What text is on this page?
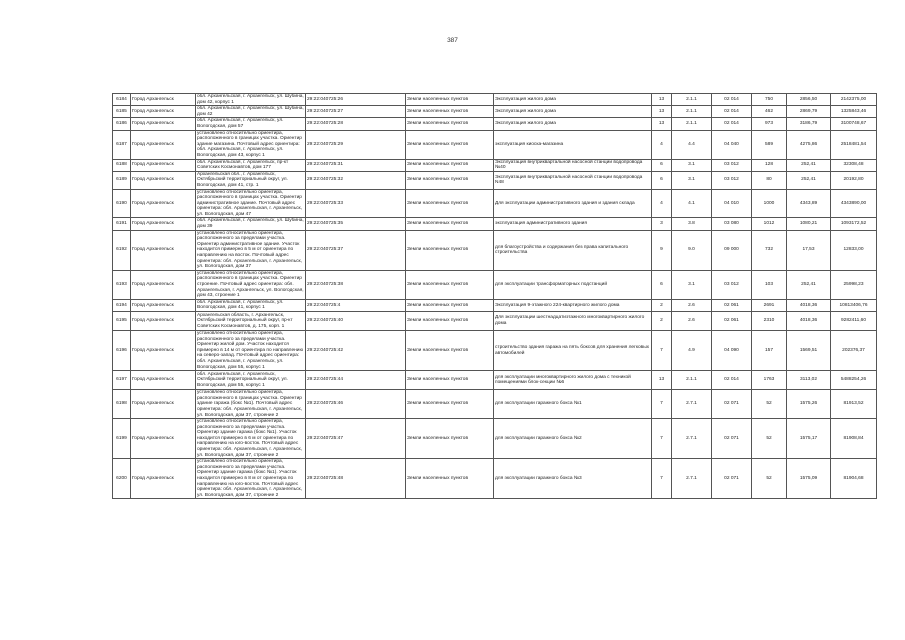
387
6184	Город Архангельск	обл. Архангельская, г. Архангельск, ул. Шубина, дом 42, корпус 1	29:22:040725:26	Земли населенных пунктов	Эксплуатация жилого дома	13	2.1.1	02 014	750	2856,50	2142375,00
6185	Город Архангельск	обл. Архангельская, г. Архангельск, ул. Шубина, дом 42	29:22:040725:27	Земли населенных пунктов	Эксплуатация жилого дома	13	2.1.1	02 014	462	2869,79	1325843,46
6186	Город Архангельск	обл. Архангельская, г. Архангельск, ул. Вологодская, дом 57	29:22:040725:28	Земли населенных пунктов	Эксплуатация жилого дома	13	2.1.1	02 014	973	3186,79	3100748,67
6187	Город Архангельск	установлено относительно ориентира, расположенного в границах участка. Ориентир здание магазина. Почтовый адрес ориентира: обл. Архангельская, г. Архангельск, ул. Вологодская, дом 43, корпус 1	29:22:040725:29	Земли населенных пунктов	эксплуатация киоска-магазина	4	4.4	04 040	589	4275,86	2518481,54
6188	Город Архангельск	обл. Архангельская, г. Архангельск, пр-кт Советских Космонавтов, дом 177	29:22:040725:31	Земли населенных пунктов	Эксплуатация внутриквартальной насосной станции водопровода №40	6	3.1	03 012	128	252,41	32308,48
6189	Город Архангельск	Архангельская обл., г. Архангельск, Октябрьский территориальный округ, ул. Вологодская, дом 41, стр. 1	29:22:040725:32	Земли населенных пунктов	Эксплуатация внутриквартальной насосной станции водопровода N48	6	3.1	03 012	80	252,41	20192,80
6190	Город Архангельск	установлено относительно ориентира, расположенного в границах участка. Ориентир административное здание. Почтовый адрес ориентира: обл. Архангельская, г. Архангельск, ул. Вологодская, дом 47	29:22:040725:33	Земли населенных пунктов	Для эксплуатации административного здания и здания склада	4	4.1	04 010	1000	4343,89	4343890,00
6191	Город Архангельск	обл. Архангельская, г. Архангельск, ул. Шубина, дом 39	29:22:040725:35	Земли населенных пунктов	эксплуатация административного здания	3	3.8	03 080	1012	1080,21	1093172,52
6192	Город Архангельск	установлено относительно ориентира, расположенного за пределами участка. Ориентир административное здание. Участок находится примерно в 5 м от ориентира по направлению на восток. Почтовый адрес ориентира: обл. Архангельская, г. Архангельск, ул. Вологодская, дом 37	29:22:040725:37	Земли населенных пунктов	для благоустройства и содержания без права капитального строительства	9	9.0	09 000	732	17,53	12833,00
6193	Город Архангельск	установлено относительно ориентира, расположенного в границах участка. Ориентир строение. Почтовый адрес ориентира: обл. Архангельская, г. Архангельск, ул. Вологодская, дом 43, строение 1	29:22:040725:38	Земли населенных пунктов	для эксплуатации трансформаторных подстанций	6	3.1	03 012	103	252,41	25998,23
6194	Город Архангельск	обл. Архангельская, г. Архангельск, ул. Вологодская, дом 41, корпус 1	29:22:040725:4	Земли населенных пунктов	Эксплуатация 9-этажного 224-квартирного жилого дома	2	2.6	02 061	2691	4018,36	10813406,76
6195	Город Архангельск	Архангельская область, г. Архангельск, Октябрьский территориальный округ, пр-кт Советских Космонавтов, д. 175, корп. 1	29:22:040725:40	Земли населенных пунктов	Для эксплуатации шестнадцатиэтажного многоквартирного жилого дома	2	2.6	02 061	2310	4018,36	9282411,60
6196	Город Архангельск	установлено относительно ориентира, расположенного за пределами участка. Ориентир жилой дом. Участок находится примерно в 14 м от ориентира по направлению на северо-запад. Почтовый адрес ориентира: обл. Архангельская, г. Архангельск, ул. Вологодская, дом 55, корпус 1	29:22:040725:42	Земли населенных пунктов	строительство здания гаража на пять боксов для хранения легковых автомобилей	7	4.9	04 090	157	1569,51	202376,37
6197	Город Архангельск	обл. Архангельская, г. Архангельск, Октябрьский территориальный округ, ул. Вологодская, дом 55, корпус 1	29:22:040725:44	Земли населенных пунктов	для эксплуатации многоквартирного жилого дома с техникой помещениями блок-секции №6	13	2.1.1	02 014	1763	3113,02	5488254,26
6198	Город Архангельск	установлено относительно ориентира, расположенного в границах участка. Ориентир здание гаража (бокс №1). Почтовый адрес ориентира: обл. Архангельская, г. Архангельск, ул. Вологодская, дом 37, строение 2	29:22:040725:46	Земли населенных пунктов	для эксплуатации гаражного бокса №1	7	2.7.1	02 071	52	1575,26	81913,52
6199	Город Архангельск	установлено относительно ориентира, расположенного за пределами участка. Ориентир здание гаража (бокс №1). Участок находится примерно в 6 м от ориентира по направлению на юго-восток. Почтовый адрес ориентира: обл. Архангельская, г. Архангельск, ул. Вологодская, дом 37, строение 2	29:22:040725:47	Земли населенных пунктов	для эксплуатации гаражного бокса №2	7	2.7.1	02 071	52	1575,17	81908,84
6200	Город Архангельск	установлено относительно ориентира, расположенного за пределами участка. Ориентир здание гаража (бокс №1). Участок находится примерно в 8 м от ориентира по направлению на юго-восток. Почтовый адрес ориентира: обл. Архангельская, г. Архангельск, ул. Вологодская, дом 37, строение 2	29:22:040725:48	Земли населенных пунктов	для эксплуатации гаражного бокса №3	7	2.7.1	02 071	52	1575,09	81904,68
